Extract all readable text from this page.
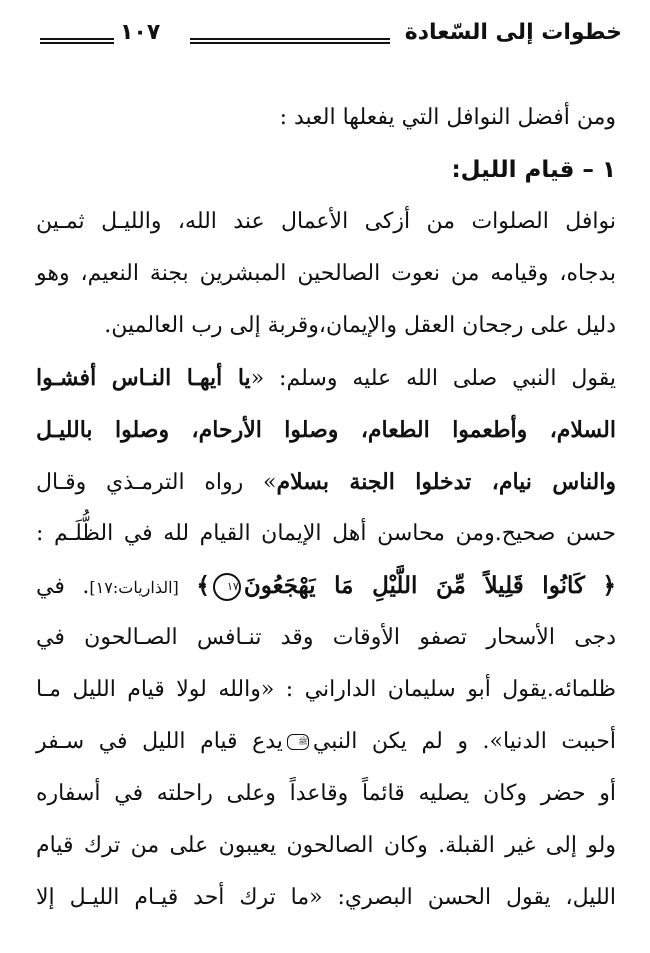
خطوات إلى السّعادة
١٠٧
ومن أفضل النوافل التي يفعلها العبد :
١ – قيام الليل:
نوافل الصلوات من أزكى الأعمال عند الله، والليـل ثمـين
بدجاه، وقيامه من نعوت الصالحين المبشرين بجنة النعيم، وهو
دليل على رجحان العقل والإيمان،وقربة إلى رب العالمين.
يقول النبي صلى الله عليه وسلم: «يا أيهـا النـاس أفشـوا
السلام، وأطعموا الطعام، وصلوا الأرحام، وصلوا بالليـل
والناس نيام، تدخلوا الجنة بسلام» رواه الترمـذي وقـال
حسن صحيح.ومن محاسن أهل الإيمان القيام لله في الظُّلَـم :
﴿ كَانُوا قَلِيلاً مِّنَ اللَّيْلِ مَا يَهْجَعُونَ١٧﴾ [الذاريات:١٧]. في
دجى الأسحار تصفو الأوقات وقد تنـافس الصـالحون في
ظلمائه.يقول أبو سليمان الداراني : «والله لولا قيام الليل مـا
أحببت الدنيا». و لم يكن النبيﷺيدع قيام الليل في سـفر
أو حضر وكان يصليه قائماً وقاعداً وعلى راحلته في أسفاره
ولو إلى غير القبلة. وكان الصالحون يعيبون على من ترك قيام
الليل، يقول الحسن البصري: «ما ترك أحد قيـام الليـل إلا
